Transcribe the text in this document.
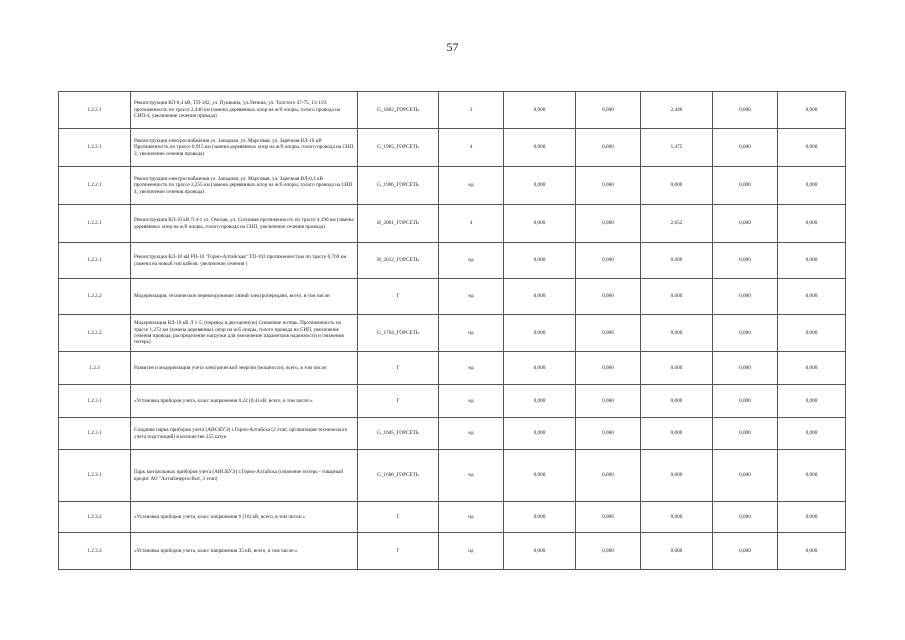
57
1.2.2.1	Реконструкция ВЛ-0,4 кВ, ТП-182, ул. Пушкина, ул.Ленина, ул. Толстого 47-75, 13-119; протяженность по трассе 2,440 км (замена деревянных опор на ж/б опоры, голого провода на СИП-4, увеличение сечения провода)	G_1802_ГОРСЕТЬ	3	0,000	0,000	2,440	0,000	0,000
1.2.2.1	Реконструкция электроснабжения ул. Западная, ул. Марсовая, ул. Заречная ВЛ-10 кВ Протяженность по трассе 0,915 км (замена деревянных опор на ж/б опоры, голого провода на СИП 3, увеличение сечения провода)	G_1905_ГОРСЕТЬ	4	0,000	0,000	1,475	0,000	0,000
1.2.2.1	Реконструкция электроснабжения ул. Западная, ул. Марсовая, ул. Заречная ВЛ-0,4 кВ протяженность по трассе 2,255 км (замена деревянных опор на ж/б опоры, голого провода на СИП 4, увеличение сечения провода)	G_1906_ГОРСЕТЬ	нд	0,000	0,000	0,000	0,000	0,000
1.2.2.1	Реконструкция ВЛ-10 кВ Л 4-1 ул. Омская, ул. Сосновая протяженность по трассе 4,190 км (замена деревянных опор на ж/б опоры, голого провода на СИП, увеличение сечения провода)	H_2001_ГОРСЕТЬ	4	0,000	0,000	2,652	0,000	0,000
1.2.2.1	Реконструкция КЛ-10 кВ РП-10 "Горно-Алтайская" ТП-103 протяженностью по трассе 0,769 км (замена на новый тип кабеля, увеличение сечения )	H_2012_ГОРСЕТЬ	нд	0,000	0,000	0,000	0,000	0,000
1.2.2.2	Модернизация, техническое перевооружение линий электропередачи, всего, в том числе:	Г	нд	0,000	0,000	0,000	0,000	0,000
1.2.2.2	Модернизация ВЛ-10 кВ Л 1-5, (перевод в двухцепную) Снижение потерь. Протяженность по трассе 1,272 км (замена деревянных опор на ж/б опоры, голого провода на СИП, увеличение сечения провода, распределение нагрузки для увеличение параметров надежности и снижения потерь)	G_1704_ГОРСЕТЬ	нд	0,000	0,000	0,000	0,000	0,000
1.2.3	Развитие и модернизация учета электрической энергии (мощности), всего, в том числе:	Г	нд	0,000	0,000	0,000	0,000	0,000
1.2.3.1	«Установка приборов учета, класс напряжения 0,22 (0,4) кВ, всего, в том числе:»	Г	нд	0,000	0,000	0,000	0,000	0,000
1.2.3.1	Создание парка приборов учета (АИСКУЭ) г.Горно-Алтайска (2 этап. организация технического учета подстанций) в количестве 255 штук	G_1605_ГОРСЕТЬ	нд	0,000	0,000	0,000	0,000	0,000
1.2.3.1	Парк контрольных приборов учета (АИСКУЭ) г.Горно-Алтайска (снижение потерь - товарный кредит АО "Алтайэнергосбыт, 3 этап)	G_1606_ГОРСЕТЬ	нд	0,000	0,000	0,000	0,000	0,000
1.2.3.2	«Установка приборов учета, класс напряжения 6 (10) кВ, всего, в том числе:»	Г	нд	0,000	0,000	0,000	0,000	0,000
1.2.3.3	«Установка приборов учета, класс напряжения 35 кВ, всего, в том числе:»	Г	нд	0,000	0,000	0,000	0,000	0,000
